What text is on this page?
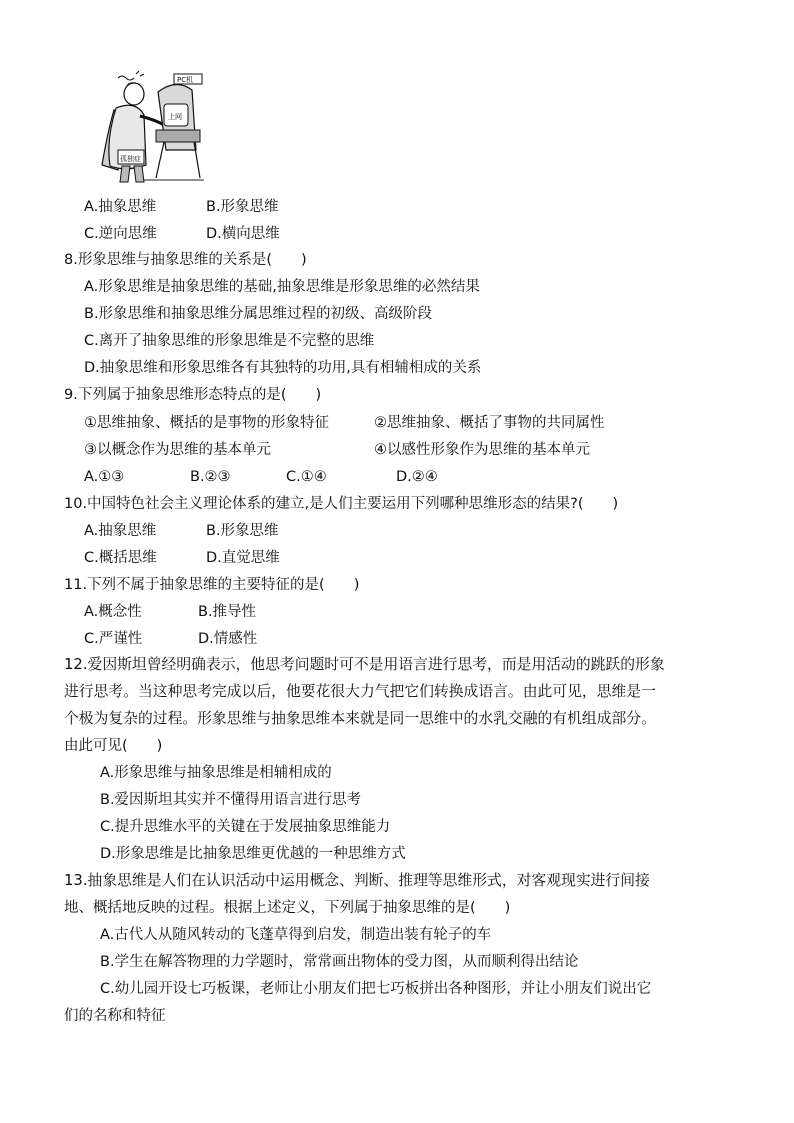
孤独症
上网
PC机
A.抽象思维	B.形象思维
C.逆向思维	D.横向思维
8.形象思维与抽象思维的关系是(　　)
A.形象思维是抽象思维的基础,抽象思维是形象思维的必然结果
B.形象思维和抽象思维分属思维过程的初级、高级阶段
C.离开了抽象思维的形象思维是不完整的思维
D.抽象思维和形象思维各有其独特的功用,具有相辅相成的关系
9.下列属于抽象思维形态特点的是(　　)
①思维抽象、概括的是事物的形象特征	②思维抽象、概括了事物的共同属性
③以概念作为思维的基本单元	④以感性形象作为思维的基本单元
A.①③	B.②③	C.①④	D.②④
10.中国特色社会主义理论体系的建立,是人们主要运用下列哪种思维形态的结果?(　　)
A.抽象思维	B.形象思维
C.概括思维	D.直觉思维
11.下列不属于抽象思维的主要特征的是(　　)
A.概念性	B.推导性
C.严谨性	D.情感性
12.爱因斯坦曾经明确表示，他思考问题时可不是用语言进行思考，而是用活动的跳跃的形象
进行思考。当这种思考完成以后，他要花很大力气把它们转换成语言。由此可见，思维是一
个极为复杂的过程。形象思维与抽象思维本来就是同一思维中的水乳交融的有机组成部分。
由此可见(　　)
A.形象思维与抽象思维是相辅相成的
B.爱因斯坦其实并不懂得用语言进行思考
C.提升思维水平的关键在于发展抽象思维能力
D.形象思维是比抽象思维更优越的一种思维方式
13.抽象思维是人们在认识活动中运用概念、判断、推理等思维形式，对客观现实进行间接
地、概括地反映的过程。根据上述定义，下列属于抽象思维的是(　　)
A.古代人从随风转动的飞蓬草得到启发，制造出装有轮子的车
B.学生在解答物理的力学题时，常常画出物体的受力图，从而顺利得出结论
C.幼儿园开设七巧板课，老师让小朋友们把七巧板拼出各种图形，并让小朋友们说出它
们的名称和特征
